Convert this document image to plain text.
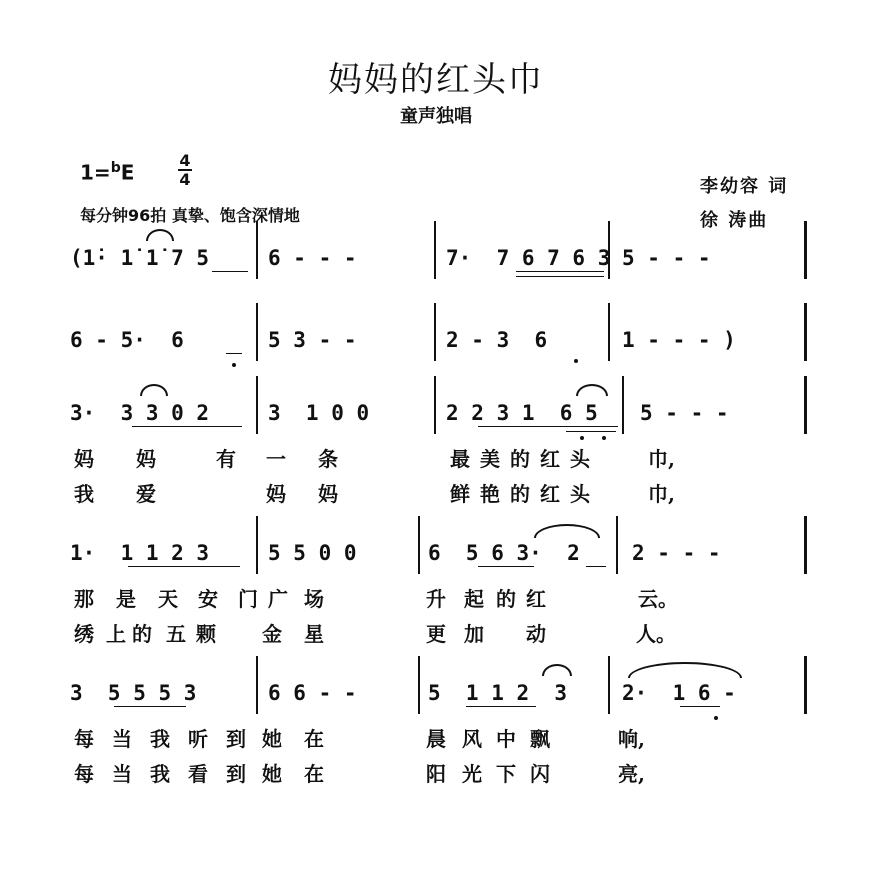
妈妈的红头巾
童声独唱
1=$^b$E
4
4
每分钟96拍 真挚、饱含深情地
李幼容 词
徐 涛曲
(1̇· 1̇ 1̇ 7 5	6 - - -	7·  7 6 7 6 3 5 - - -
6 - 5·  6	5 3 - -	2 - 3  6	1 - - - )
3·  3 3 0 2	3  1 0 0	2 2 3 1  6 5 5 - - -
妈 妈	有 一 条	最 美 的 红 头	巾,
我 爱	妈 妈	鲜 艳 的 红 头	巾,
1·  1 1 2 3	5 5 0 0	6  5 6 3·  2 2 - - -
那 是 天 安 门 广 场	升 起 的 红	云。
绣 上 的 五 颗 金 星	更 加 动	人。
3  5 5 5 3	6 6 - -	5  1 1 2  3	2·  1 6 -
每 当 我 听 到 她 在	晨 风 中 飘	响,
每 当 我 看 到 她 在	阳 光 下 闪	亮,
